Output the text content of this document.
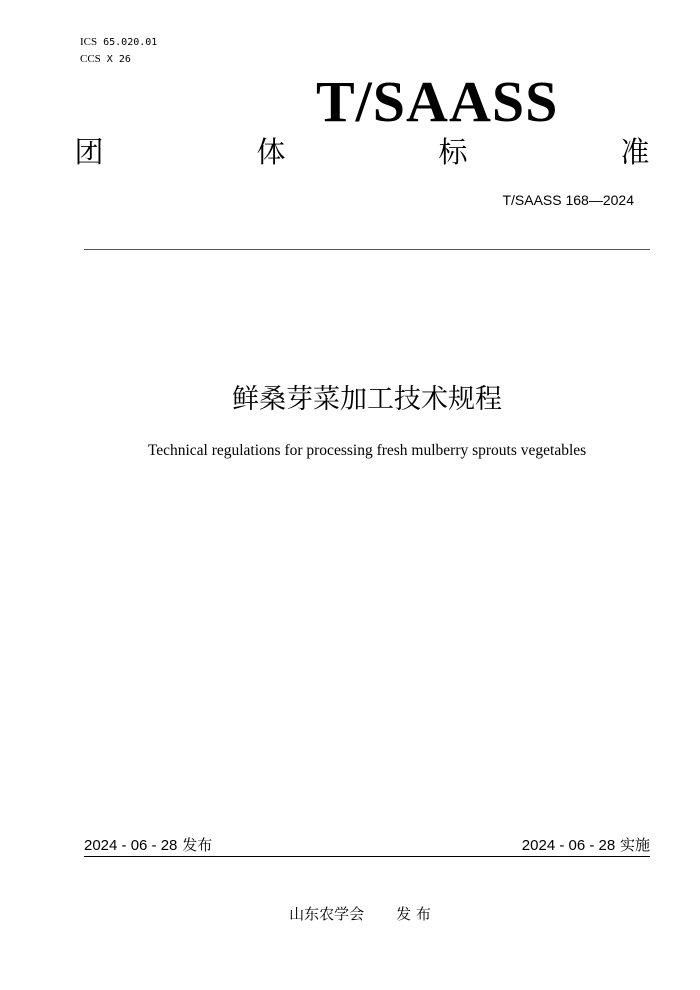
ICS 65.020.01
CCS X 26
T/SAASS
团	体	标	准
T/SAASS 168—2024
鲜桑芽菜加工技术规程
Technical regulations for processing fresh mulberry sprouts vegetables
2024 - 06 - 28 发布	2024 - 06 - 28 实施
山东农学会 发 布
